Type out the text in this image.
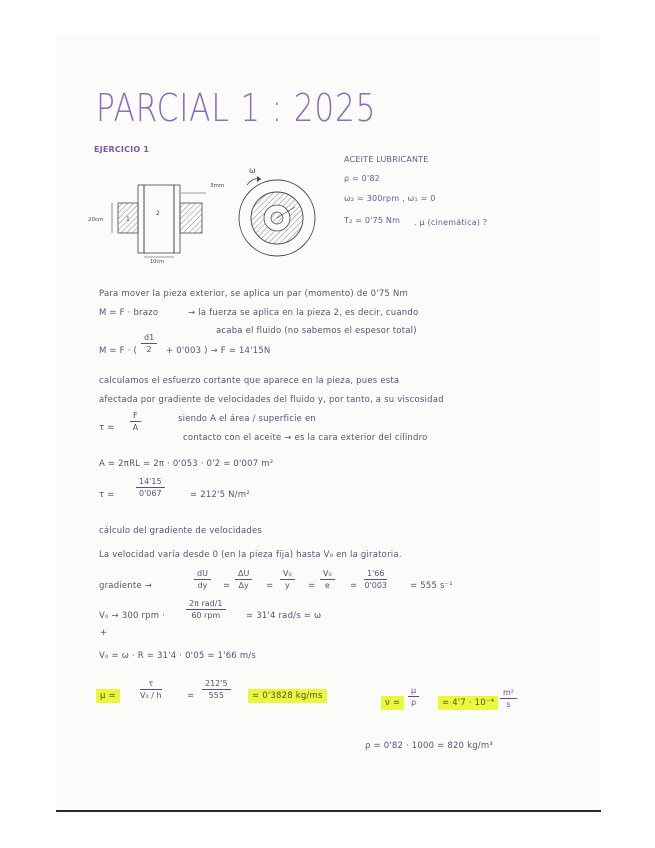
PARCIAL 1 : 2025
EJERCICIO 1
3mm
20cm
10cm
1
2
ω
ACEITE LUBRICANTE
ρ = 0'82
ω₂ = 300rpm , ω₁ = 0
T₂ = 0'75 Nm . μ (cinemática) ?
Para mover la pieza exterior, se aplica un par (momento) de 0'75 Nm
M = F · brazo	→ la fuerza se aplica en la pieza 2, es decir, cuando
acaba el fluido (no sabemos el espesor total)
M = F · ( $\frac{d1}{2} + 0'003$ ) → F = 14'15N
calculamos el esfuerzo cortante que aparece en la pieza, pues esta
afectada por gradiente de velocidades del fluido y, por tanto, a su viscosidad
$\tau = \frac{F}{A}$	siendo A el área / superficie en
contacto con el aceite → es la cara exterior del cilindro
A = 2πRL = 2π · 0'053 · 0'2 = 0'007 m²
τ =	$\frac{14'15}{0'067}$	= 212'5 N/m²
cálculo del gradiente de velocidades
La velocidad varía desde 0 (en la pieza fija) hasta V₀ en la giratoria.
gradiente →	$\frac{dU}{dy} = \frac{\Delta U}{\Delta y} = \frac{\text{V₀}}{y} = \frac{\text{V₀}}{e} = \frac{1'66}{0'003}$	= 555 s⁻¹
V₀ → 300 rpm ·
2π rad/1
60 rpm	= 31'4 rad/s = ω
+
V₀ = ω · R = 31'4 · 0'05 = 1'66 m/s
μ =	$\frac{\tau}{\text{V₀ / h}}$	= $\frac{212'5}{555}$	= 0'3828 kg/ms
$\nu = \frac{\mu}{\rho}$	= $4'7 \cdot 10^{-4} \frac{\text{m²}}{s}$
ρ = 0'82 · 1000 = 820 kg/m³
